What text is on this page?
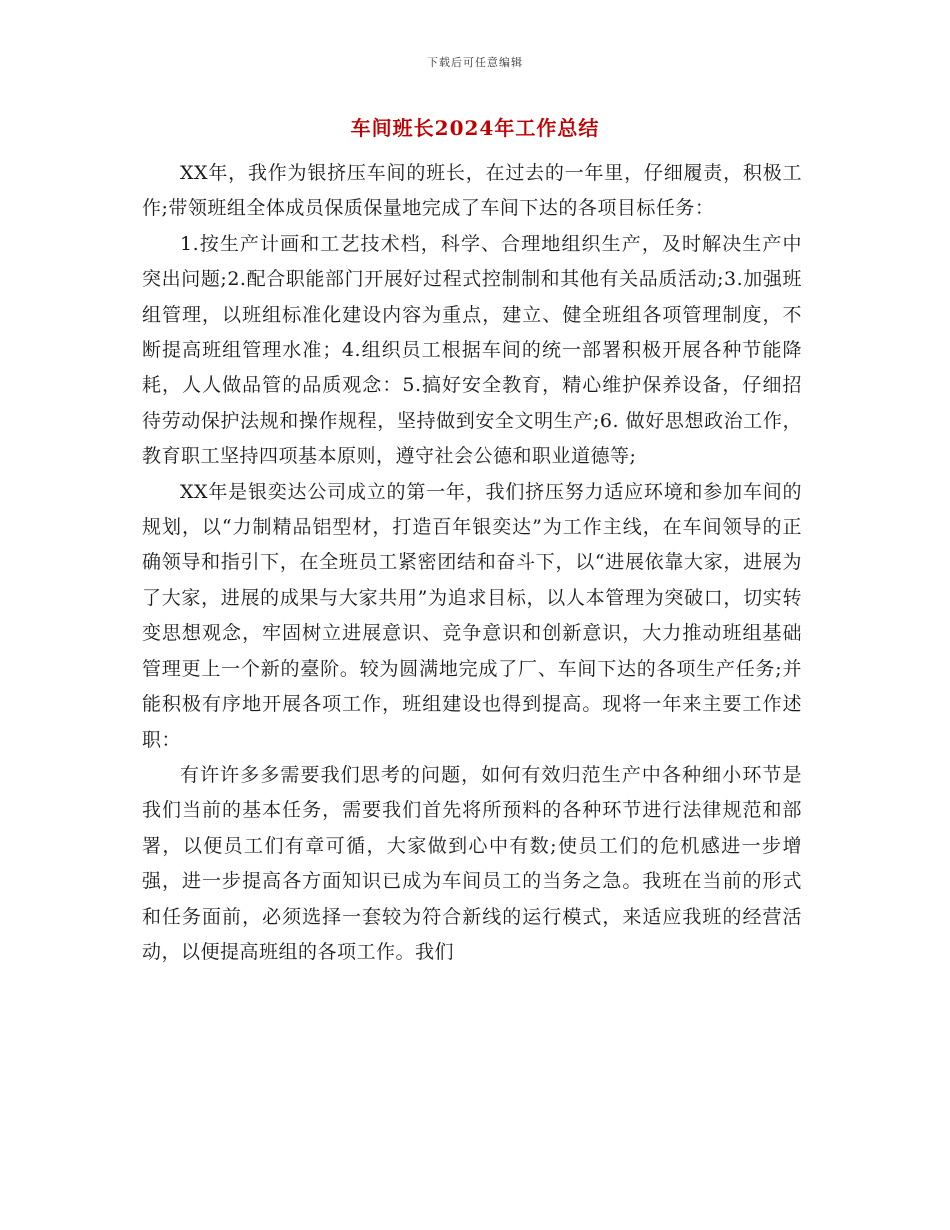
下载后可任意编辑
车间班长2024年工作总结

XX年，我作为银挤压车间的班长，在过去的一年里，仔细履责，积极工作;带领班组全体成员保质保量地完成了车间下达的各项目标任务：

1.按生产计画和工艺技术档，科学、合理地组织生产，及时解决生产中突出问题;2.配合职能部门开展好过程式控制制和其他有关品质活动;3.加强班组管理，以班组标准化建设内容为重点，建立、健全班组各项管理制度，不断提高班组管理水准；4.组织员工根据车间的统一部署积极开展各种节能降耗，人人做品管的品质观念：5.搞好安全教育，精心维护保养设备，仔细招待劳动保护法规和操作规程，坚持做到安全文明生产;6. 做好思想政治工作，教育职工坚持四项基本原则，遵守社会公德和职业道德等;

XX年是银奕达公司成立的第一年，我们挤压努力适应环境和参加车间的规划，以“力制精品铝型材，打造百年银奕达”为工作主线，在车间领导的正确领导和指引下，在全班员工紧密团结和奋斗下，以“进展依靠大家，进展为了大家，进展的成果与大家共用”为追求目标，以人本管理为突破口，切实转变思想观念，牢固树立进展意识、竞争意识和创新意识，大力推动班组基础管理更上一个新的臺阶。较为圆满地完成了厂、车间下达的各项生产任务;并能积极有序地开展各项工作，班组建设也得到提高。现将一年来主要工作述职：

有许许多多需要我们思考的问题，如何有效归范生产中各种细小环节是我们当前的基本任务，需要我们首先将所预料的各种环节进行法律规范和部署，以便员工们有章可循，大家做到心中有数;使员工们的危机感进一步增强，进一步提高各方面知识已成为车间员工的当务之急。我班在当前的形式和任务面前，必须选择一套较为符合新线的运行模式，来适应我班的经营活动，以便提高班组的各项工作。我们
